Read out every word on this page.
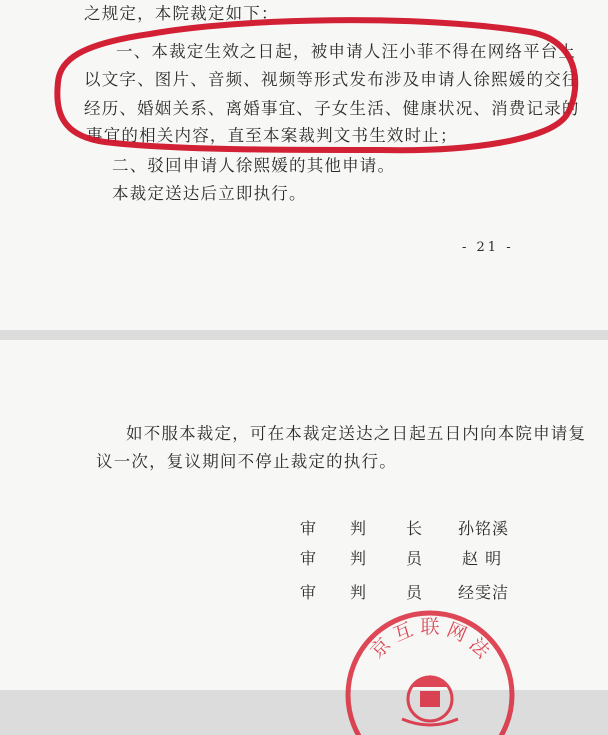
之规定，本院裁定如下：
一、本裁定生效之日起，被申请人汪小菲不得在网络平台上
以文字、图片、音频、视频等形式发布涉及申请人徐熙媛的交往
经历、婚姻关系、离婚事宜、子女生活、健康状况、消费记录的
事宜的相关内容，直至本案裁判文书生效时止；
二、驳回申请人徐熙媛的其他申请。
本裁定送达后立即执行。
- 21 -
如不服本裁定，可在本裁定送达之日起五日内向本院申请复
议一次，复议期间不停止裁定的执行。
审 判 长 孙铭溪
审 判 员 赵 明
审 判 员 经雯洁
京 互 联 网 法
